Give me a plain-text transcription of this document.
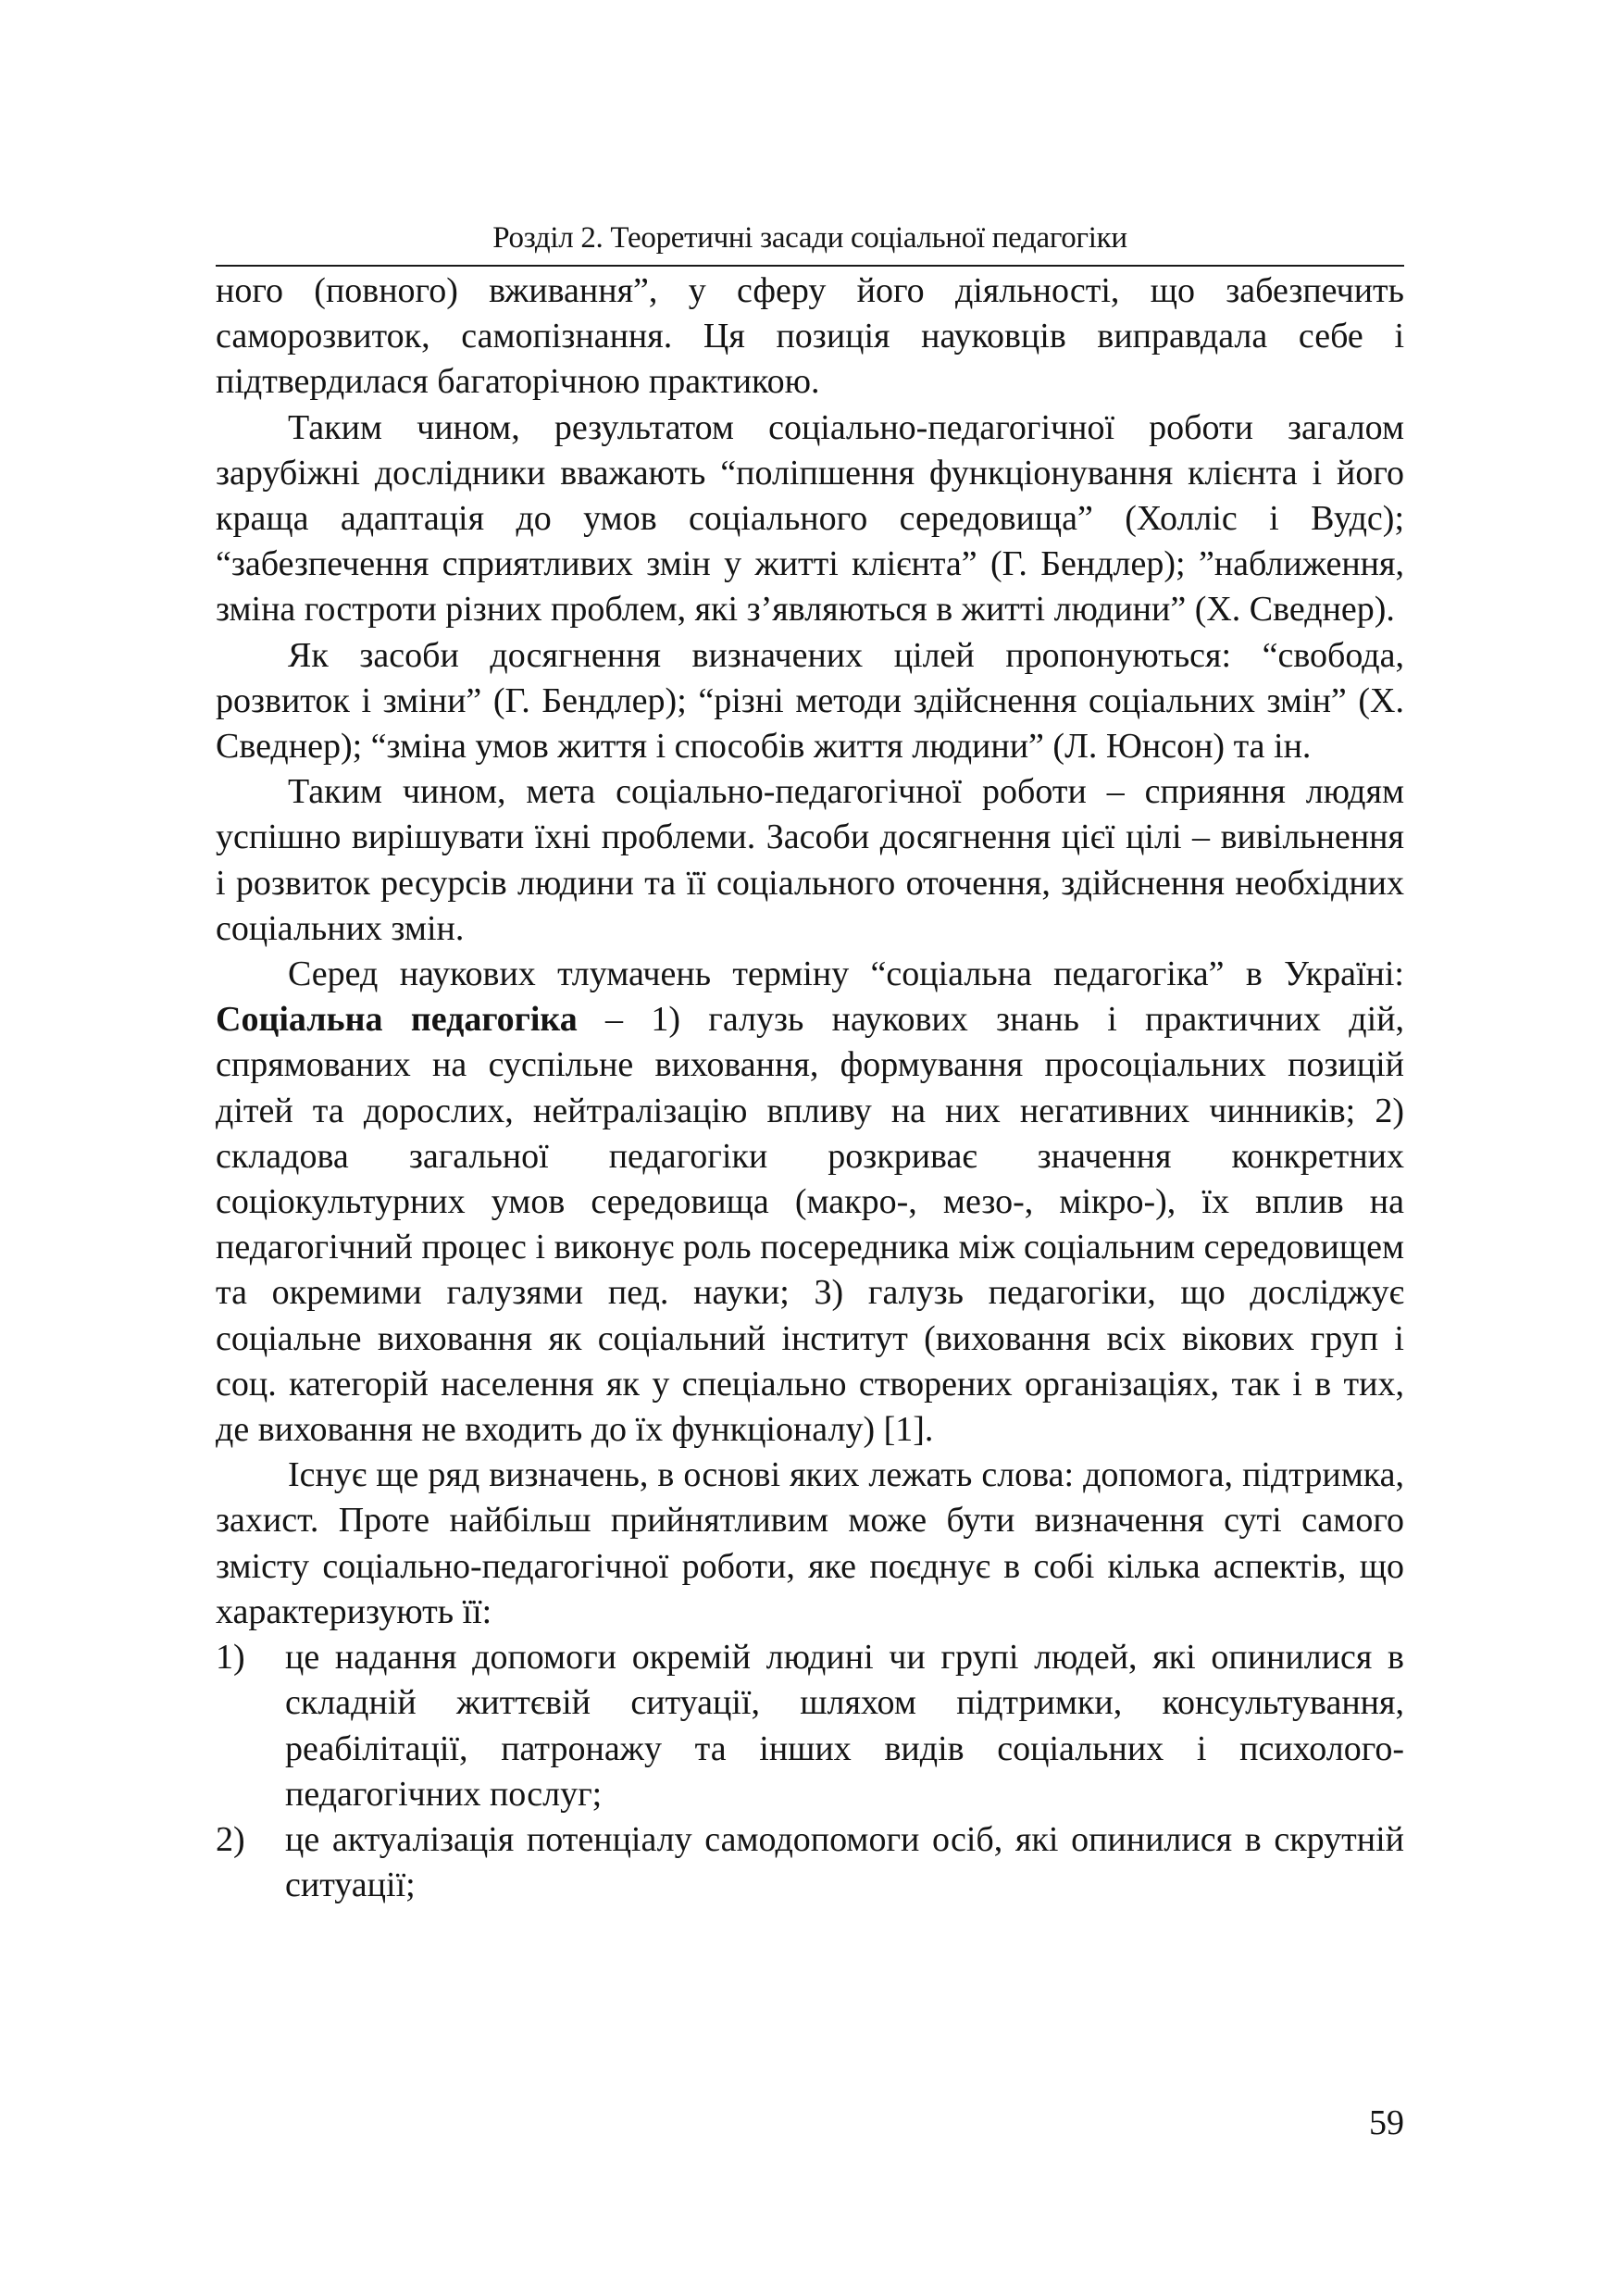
Розділ 2. Теоретичні засади соціальної педагогіки

ного (повного) вживання”, у сферу його діяльності, що забезпечить саморозвиток, самопізнання. Ця позиція науковців виправдала себе і підтвердилася багаторічною практикою.

Таким чином, результатом соціально-педагогічної роботи загалом зарубіжні дослідники вважають “поліпшення функціонування клієнта і його краща адаптація до умов соціального середовища” (Холліс і Вудс); “забезпечення сприятливих змін у житті клієнта” (Г. Бендлер); ”наближення, зміна гостроти різних проблем, які з’являються в житті людини” (Х. Сведнер).

Як засоби досягнення визначених цілей пропонуються: “свобода, розвиток і зміни” (Г. Бендлер); “різні методи здійснення соціальних змін” (Х. Сведнер); “зміна умов життя і способів життя людини” (Л. Юнсон) та ін.

Таким чином, мета соціально-педагогічної роботи – сприяння людям успішно вирішувати їхні проблеми. Засоби досягнення цієї цілі – вивільнення і розвиток ресурсів людини та її соціального оточення, здійснення необхідних соціальних змін.

Серед наукових тлумачень терміну “соціальна педагогіка” в Україні: Соціальна педагогіка – 1) галузь наукових знань і практичних дій, спрямованих на суспільне виховання, формування просоціальних позицій дітей та дорослих, нейтралізацію впливу на них негативних чинників; 2) складова загальної педагогіки розкриває значення конкретних соціокультурних умов середовища (макро-, мезо-, мікро-), їх вплив на педагогічний процес і виконує роль посередника між соціальним середовищем та окремими галузями пед. науки; 3) галузь педагогіки, що досліджує соціальне виховання як соціальний інститут (виховання всіх вікових груп і соц. категорій населення як у спеціально створених організаціях, так і в тих, де виховання не входить до їх функціоналу) [1].

Існує ще ряд визначень, в основі яких лежать слова: допомога, підтримка, захист. Проте найбільш прийнятливим може бути визначення суті самого змісту соціально-педагогічної роботи, яке поєднує в собі кілька аспектів, що характеризують її:

1) це надання допомоги окремій людині чи групі людей, які опинилися в складній життєвій ситуації, шляхом підтримки, консультування, реабілітації, патронажу та інших видів соціальних і психолого-педагогічних послуг;
2) це актуалізація потенціалу самодопомоги осіб, які опинилися в скрутній ситуації;
59
